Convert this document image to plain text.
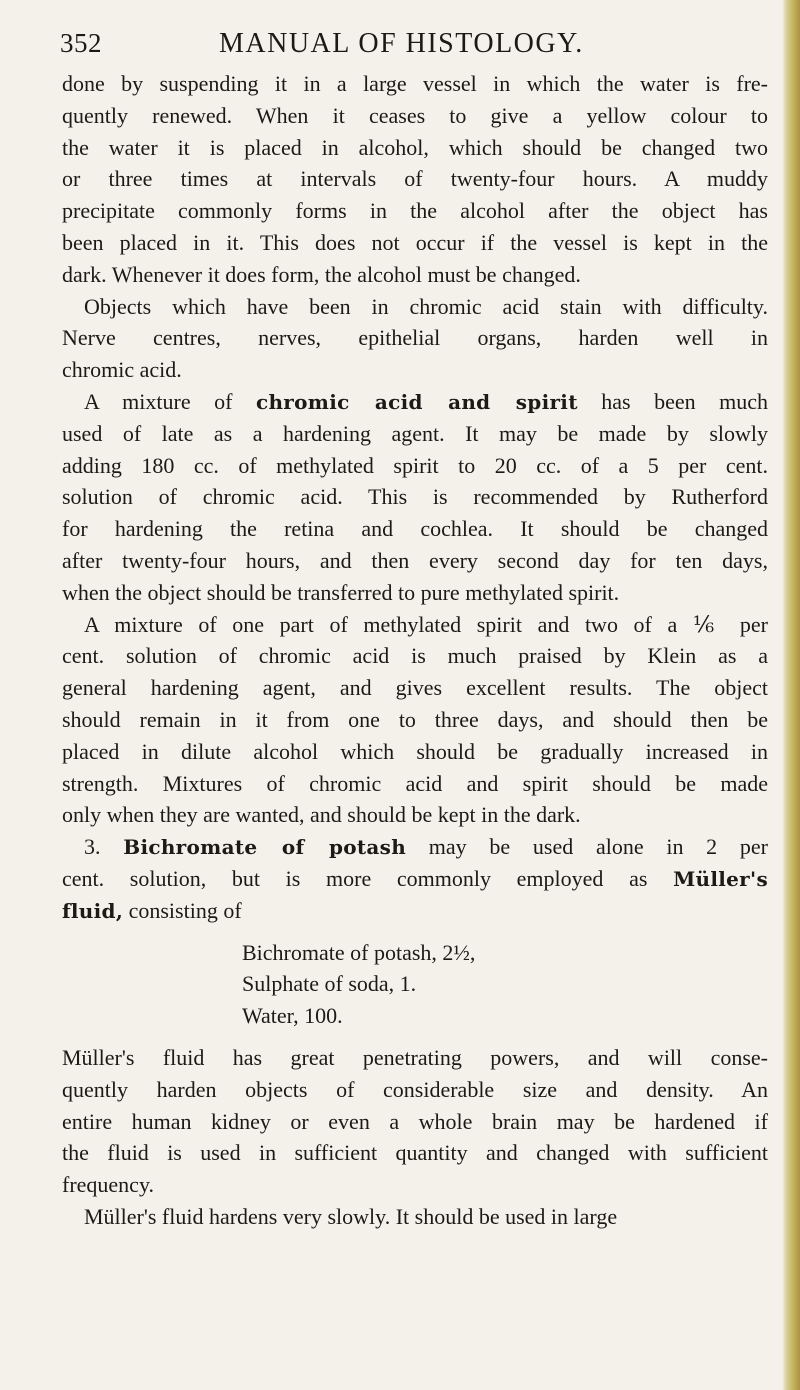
352	MANUAL OF HISTOLOGY.
done by suspending it in a large vessel in which the water is fre-
quently renewed. When it ceases to give a yellow colour to
the water it is placed in alcohol, which should be changed two
or three times at intervals of twenty-four hours. A muddy
precipitate commonly forms in the alcohol after the object has
been placed in it. This does not occur if the vessel is kept in the
dark. Whenever it does form, the alcohol must be changed.
Objects which have been in chromic acid stain with difficulty.
Nerve centres, nerves, epithelial organs, harden well in
chromic acid.
A mixture of chromic acid and spirit has been much
used of late as a hardening agent. It may be made by slowly
adding 180 cc. of methylated spirit to 20 cc. of a 5 per cent.
solution of chromic acid. This is recommended by Rutherford
for hardening the retina and cochlea. It should be changed
after twenty-four hours, and then every second day for ten days,
when the object should be transferred to pure methylated spirit.
A mixture of one part of methylated spirit and two of a ⅙ per
cent. solution of chromic acid is much praised by Klein as a
general hardening agent, and gives excellent results. The object
should remain in it from one to three days, and should then be
placed in dilute alcohol which should be gradually increased in
strength. Mixtures of chromic acid and spirit should be made
only when they are wanted, and should be kept in the dark.
3. Bichromate of potash may be used alone in 2 per
cent. solution, but is more commonly employed as Müller's
fluid, consisting of
Bichromate of potash, 2½,
Sulphate of soda, 1.
Water, 100.
Müller's fluid has great penetrating powers, and will conse-
quently harden objects of considerable size and density. An
entire human kidney or even a whole brain may be hardened if
the fluid is used in sufficient quantity and changed with sufficient
frequency.
Müller's fluid hardens very slowly. It should be used in large
